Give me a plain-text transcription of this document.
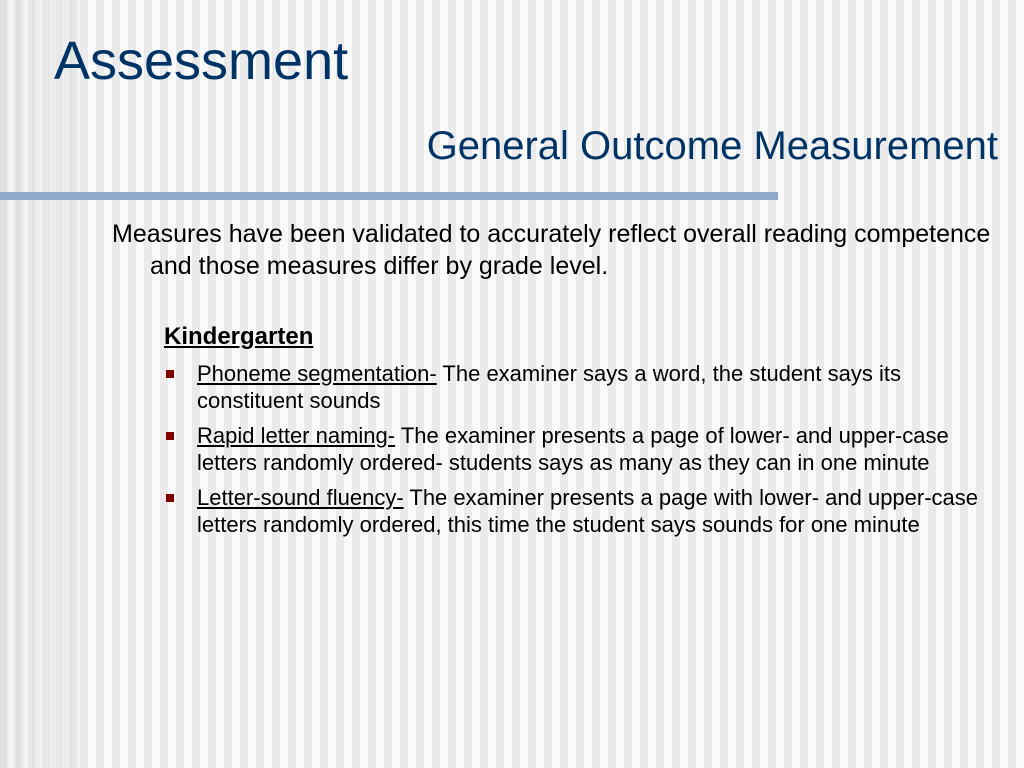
Assessment
General Outcome Measurement

Measures have been validated to accurately reflect overall reading competence and those measures differ by grade level.

Kindergarten

Phoneme segmentation- The examiner says a word, the student says its constituent sounds
Rapid letter naming- The examiner presents a page of lower- and upper-case letters randomly ordered- students says as many as they can in one minute
Letter-sound fluency- The examiner presents a page with lower- and upper-case letters randomly ordered, this time the student says sounds for one minute
